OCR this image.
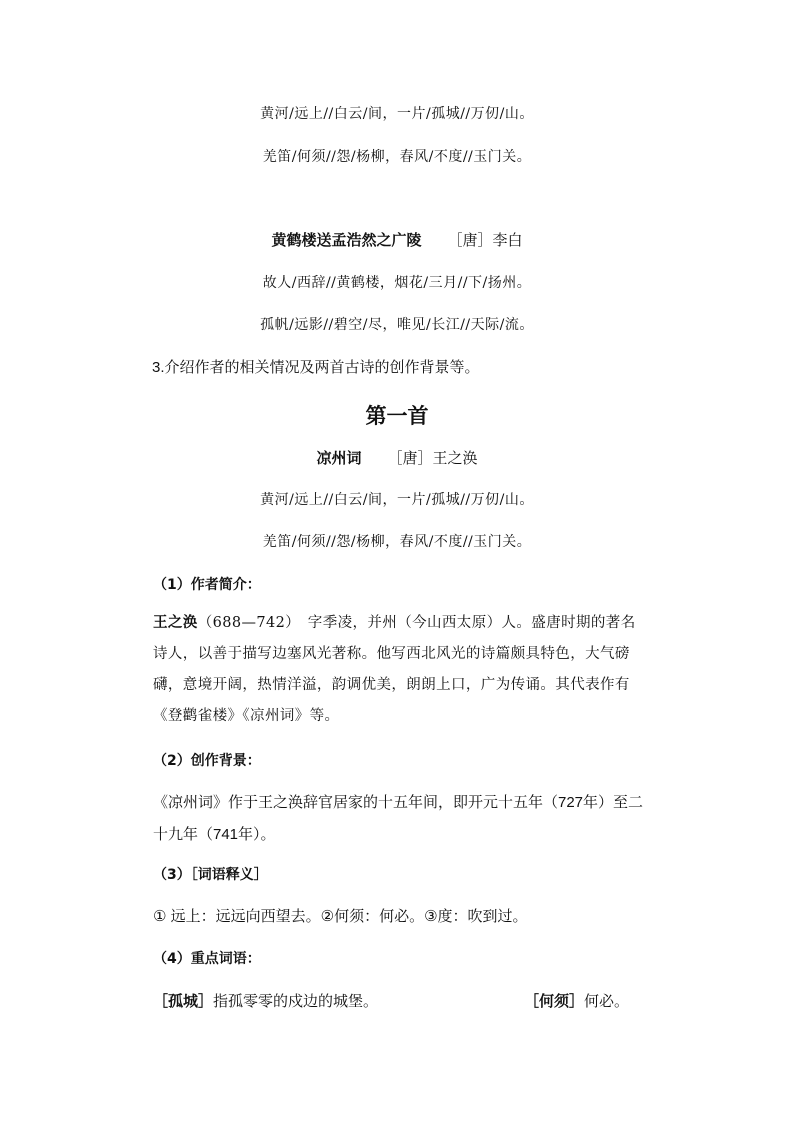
黄河/远上//白云/间，一片/孤城//万仞/山。
羌笛/何须//怨/杨柳，春风/不度//玉门关。
黄鹤楼送孟浩然之广陵 ［唐］李白
故人/西辞//黄鹤楼，烟花/三月//下/扬州。
孤帆/远影//碧空/尽，唯见/长江//天际/流。
3.介绍作者的相关情况及两首古诗的创作背景等。
第一首
凉州词 ［唐］王之涣
黄河/远上//白云/间，一片/孤城//万仞/山。
羌笛/何须//怨/杨柳，春风/不度//玉门关。
（1）作者简介：
王之涣（688—742）　字季凌，并州（今山西太原）人。盛唐时期的著名诗人，以善于描写边塞风光著称。他写西北风光的诗篇颇具特色，大气磅礴，意境开阔，热情洋溢，韵调优美，朗朗上口，广为传诵。其代表作有《登鹳雀楼》《凉州词》等。
（2）创作背景：
《凉州词》作于王之涣辞官居家的十五年间，即开元十五年（727年）至二十九年（741年）。
（3）［词语释义］
① 远上：远远向西望去。②何须：何必。③度：吹到过。
（4）重点词语：
［孤城］指孤零零的戍边的城堡。	［何须］何必。
